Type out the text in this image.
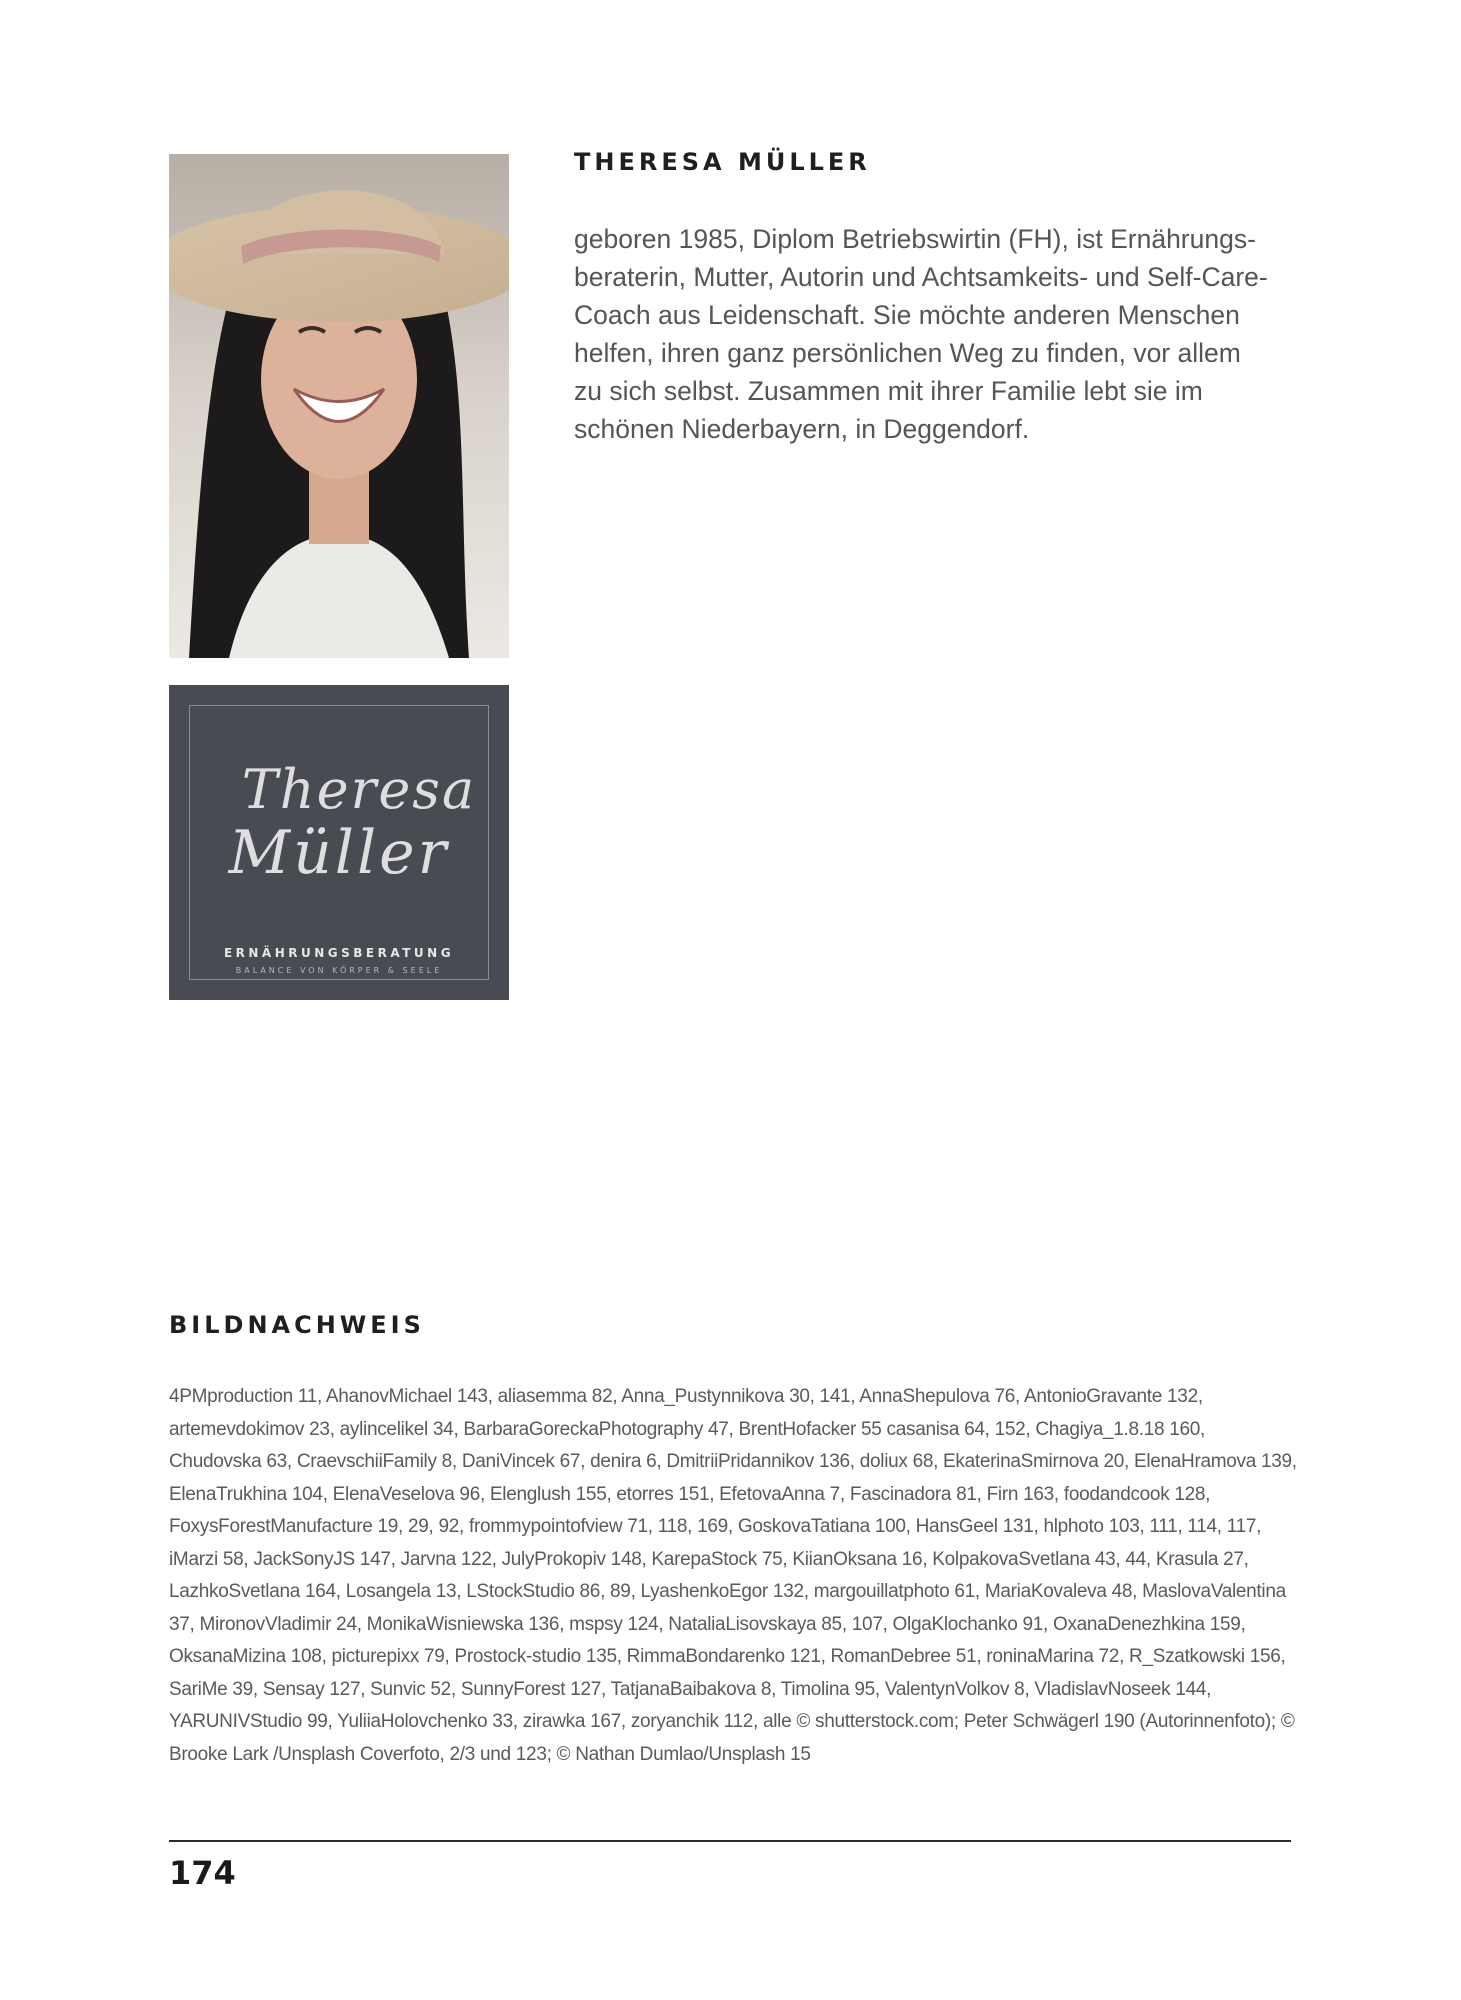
Theresa
Müller
ERNÄHRUNGSBERATUNG
BALANCE VON KÖRPER & SEELE
THERESA MÜLLER

geboren 1985, Diplom Betriebswirtin (FH), ist Ernährungs-beraterin, Mutter, Autorin und Achtsamkeits- und Self-Care-Coach aus Leidenschaft. Sie möchte anderen Menschen helfen, ihren ganz persönlichen Weg zu finden, vor allem zu sich selbst. Zusammen mit ihrer Familie lebt sie im schönen Niederbayern, in Deggendorf.

BILDNACHWEIS

4PMproduction 11, AhanovMichael 143, aliasemma 82, Anna_Pustynnikova 30, 141, AnnaShepulova 76, AntonioGravante 132, artemevdokimov 23, aylincelikel 34, BarbaraGoreckaPhotography 47, BrentHofacker 55 casanisa 64, 152, Chagiya_1.8.18 160, Chudovska 63, CraevschiiFamily 8, DaniVincek 67, denira 6, DmitriiPridannikov 136, doliux 68, EkaterinaSmirnova 20, ElenaHramova 139, ElenaTrukhina 104, ElenaVeselova 96, Elenglush 155, etorres 151, EfetovaAnna 7, Fascinadora 81, Firn 163, foodandcook 128, FoxysForestManufacture 19, 29, 92, frommypointofview 71, 118, 169, GoskovaTatiana 100, HansGeel 131, hlphoto 103, 111, 114, 117, iMarzi 58, JackSonyJS 147, Jarvna 122, JulyProkopiv 148, KarepaStock 75, KiianOksana 16, KolpakovaSvetlana 43, 44, Krasula 27, LazhkoSvetlana 164, Losangela 13, LStockStudio 86, 89, LyashenkoEgor 132, margouillatphoto 61, MariaKovaleva 48, MaslovaValentina 37, MironovVladimir 24, MonikaWisniewska 136, mspsy 124, NataliaLisovskaya 85, 107, OlgaKlochanko 91, OxanaDenezhkina 159, OksanaMizina 108, picturepixx 79, Prostock-studio 135, RimmaBondarenko 121, RomanDebree 51, roninaMarina 72, R_Szatkowski 156, SariMe 39, Sensay 127, Sunvic 52, SunnyForest 127, TatjanaBaibakova 8, Timolina 95, ValentynVolkov 8, VladislavNoseek 144, YARUNIVStudio 99, YuliiaHolovchenko 33, zirawka 167, zoryanchik 112, alle © shutterstock.com; Peter Schwägerl 190 (Autorinnenfoto); © Brooke Lark /Unsplash Coverfoto, 2/3 und 123; © Nathan Dumlao/Unsplash 15

174
